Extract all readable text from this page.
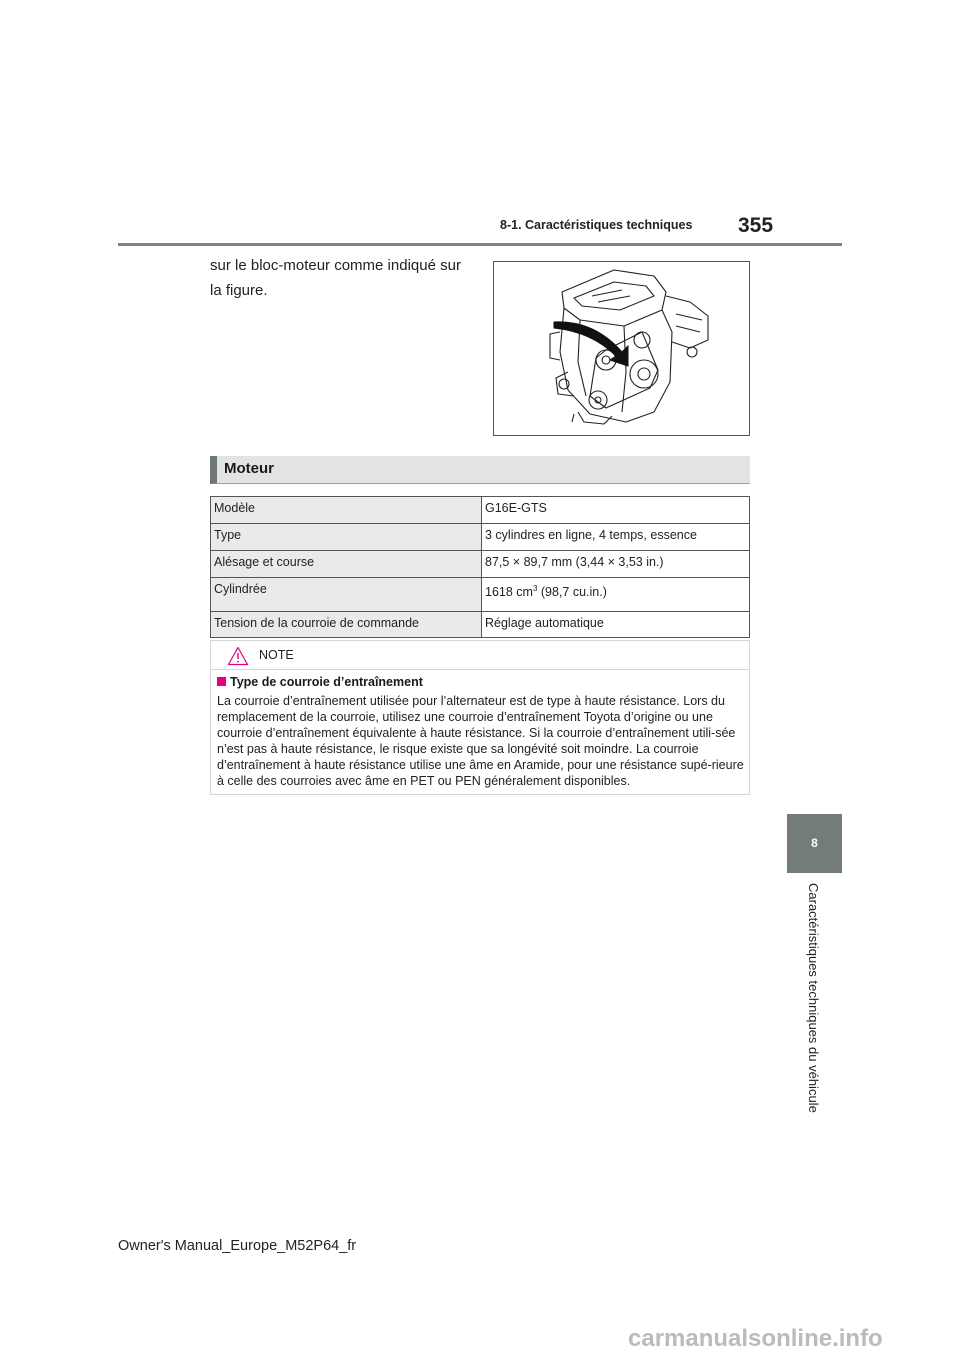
8-1. Caractéristiques techniques 355
sur le bloc-moteur comme indiqué sur la figure.
Moteur
Modèle	G16E-GTS
Type	3 cylindres en ligne, 4 temps, essence
Alésage et course	87,5 × 89,7 mm (3,44 × 3,53 in.)
Cylindrée	1618 $cm^3$ (98,7 cu.in.)
Tension de la courroie de commande	Réglage automatique
NOTE
Type de courroie d’entraînement
La courroie d’entraînement utilisée pour l’alternateur est de type à haute résistance. Lors du remplacement de la courroie, utilisez une courroie d’entraînement Toyota d’origine ou une courroie d’entraînement équivalente à haute résistance. Si la courroie d’entraînement utili-sée n’est pas à haute résistance, le risque existe que sa longévité soit moindre. La courroie d’entraînement à haute résistance utilise une âme en Aramide, pour une résistance supé-rieure à celle des courroies avec âme en PET ou PEN généralement disponibles.
8
Caractéristiques techniques du véhicule
Owner's Manual_Europe_M52P64_fr
carmanualsonline.info
